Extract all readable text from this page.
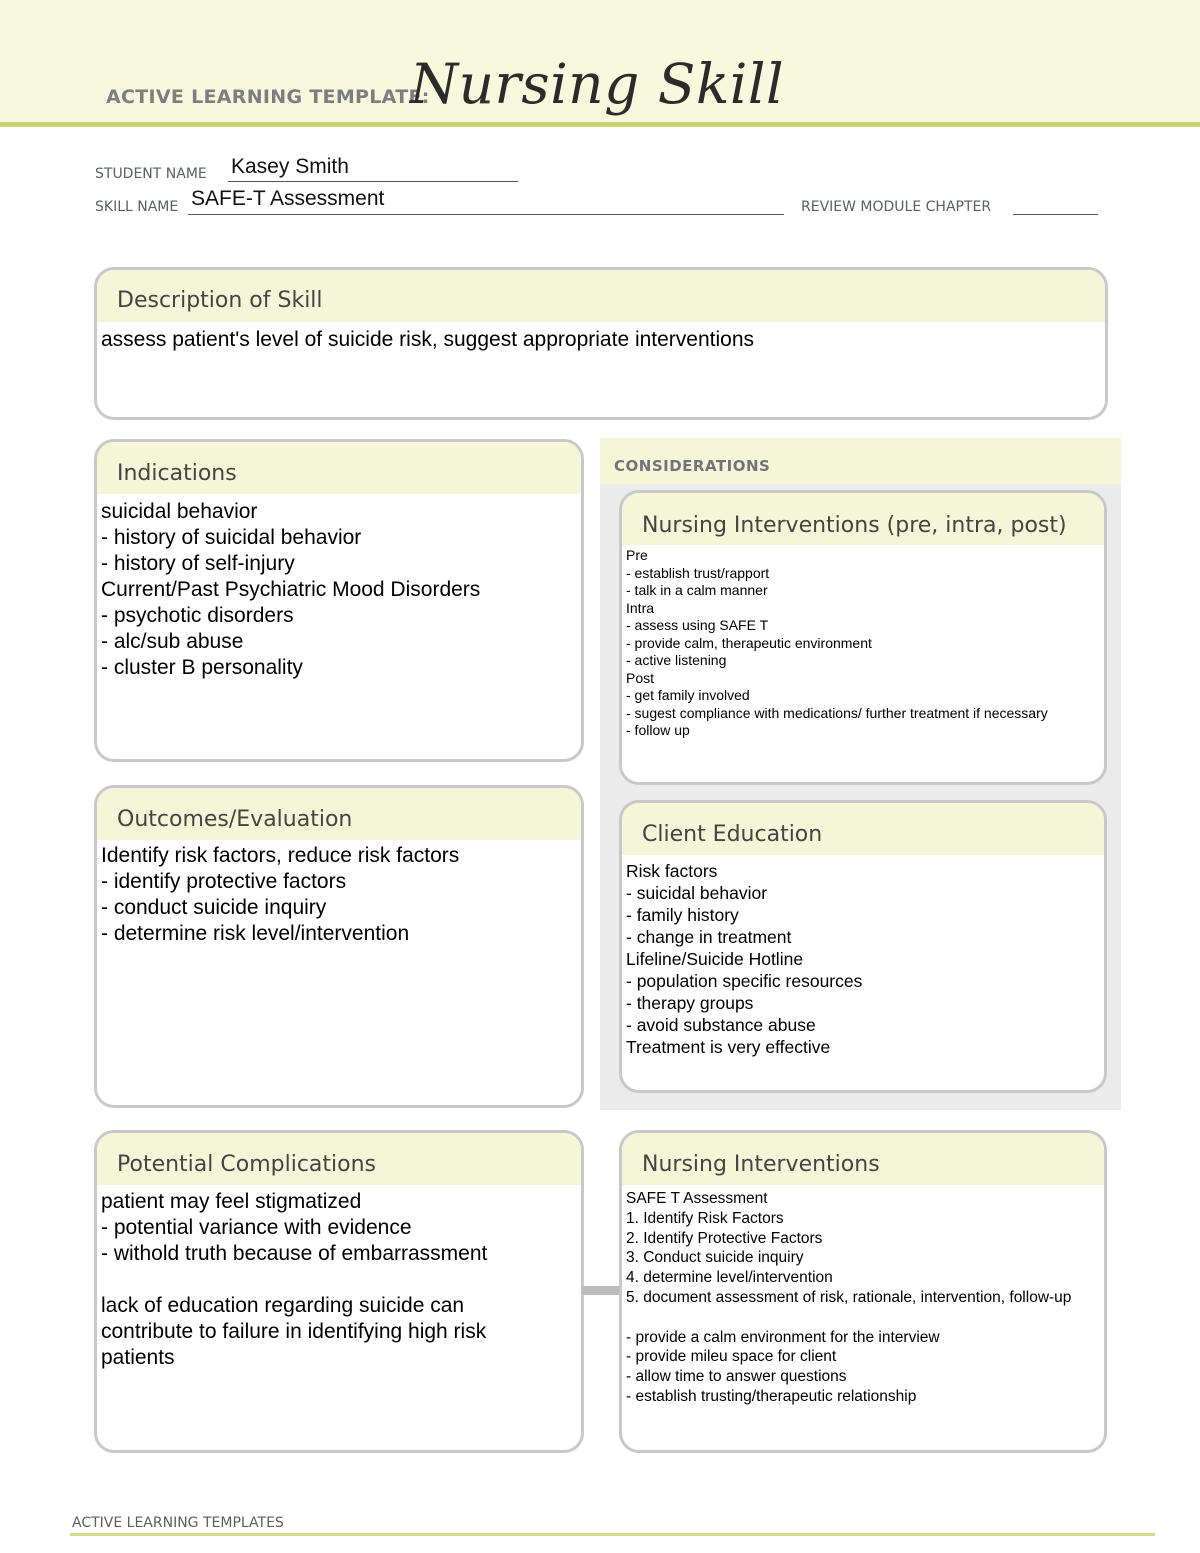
ACTIVE LEARNING TEMPLATE:
Nursing Skill
STUDENT NAME Kasey Smith
SKILL NAME SAFE-T Assessment	REVIEW MODULE CHAPTER
Description of Skill
assess patient's level of suicide risk, suggest appropriate interventions
Indications
suicidal behavior
- history of suicidal behavior
- history of self-injury
Current/Past Psychiatric Mood Disorders
- psychotic disorders
- alc/sub abuse
- cluster B personality
Outcomes/Evaluation
Identify risk factors, reduce risk factors
- identify protective factors
- conduct suicide inquiry
- determine risk level/intervention
CONSIDERATIONS
Nursing Interventions (pre, intra, post)
Pre
- establish trust/rapport
- talk in a calm manner
Intra
- assess using SAFE T
- provide calm, therapeutic environment
- active listening
Post
- get family involved
- sugest compliance with medications/ further treatment if necessary
- follow up
Client Education
Risk factors
- suicidal behavior
- family history
- change in treatment
Lifeline/Suicide Hotline
- population specific resources
- therapy groups
- avoid substance abuse
Treatment is very effective
Potential Complications
patient may feel stigmatized
- potential variance with evidence
- withold truth because of embarrassment

lack of education regarding suicide can contribute to failure in identifying high risk patients
Nursing Interventions
SAFE T Assessment
1. Identify Risk Factors
2. Identify Protective Factors
3. Conduct suicide inquiry
4. determine level/intervention
5. document assessment of risk, rationale, intervention, follow-up

- provide a calm environment for the interview
- provide mileu space for client
- allow time to answer questions
- establish trusting/therapeutic relationship
ACTIVE LEARNING TEMPLATES
